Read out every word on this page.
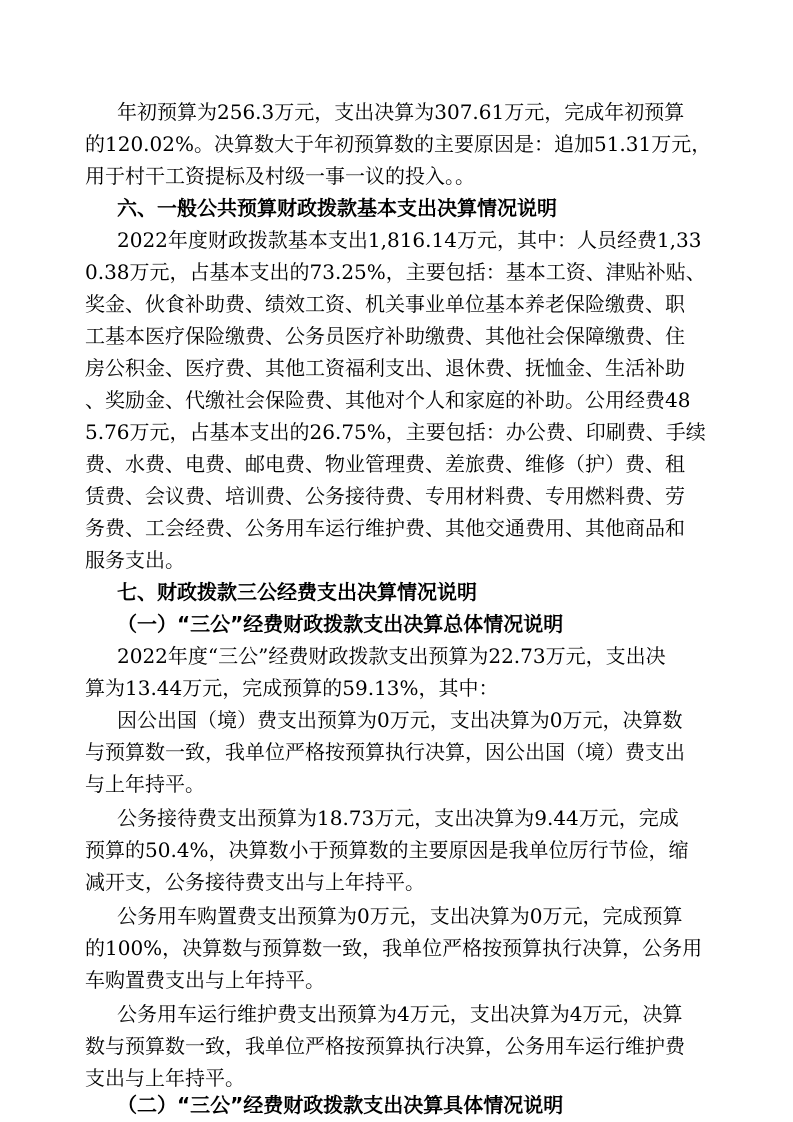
年初预算为256.3万元，支出决算为307.61万元，完成年初预算
的120.02%。决算数大于年初预算数的主要原因是：追加51.31万元，
用于村干工资提标及村级一事一议的投入。。
六、一般公共预算财政拨款基本支出决算情况说明
2022年度财政拨款基本支出1,816.14万元，其中：人员经费1,33
0.38万元，占基本支出的73.25%，主要包括：基本工资、津贴补贴、
奖金、伙食补助费、绩效工资、机关事业单位基本养老保险缴费、职
工基本医疗保险缴费、公务员医疗补助缴费、其他社会保障缴费、住
房公积金、医疗费、其他工资福利支出、退休费、抚恤金、生活补助
、奖励金、代缴社会保险费、其他对个人和家庭的补助。公用经费48
5.76万元，占基本支出的26.75%，主要包括：办公费、印刷费、手续
费、水费、电费、邮电费、物业管理费、差旅费、维修（护）费、租
赁费、会议费、培训费、公务接待费、专用材料费、专用燃料费、劳
务费、工会经费、公务用车运行维护费、其他交通费用、其他商品和
服务支出。
七、财政拨款三公经费支出决算情况说明
（一）“三公”经费财政拨款支出决算总体情况说明
2022年度“三公”经费财政拨款支出预算为22.73万元，支出决
算为13.44万元，完成预算的59.13%，其中：
因公出国（境）费支出预算为0万元，支出决算为0万元，决算数
与预算数一致，我单位严格按预算执行决算，因公出国（境）费支出
与上年持平。
公务接待费支出预算为18.73万元，支出决算为9.44万元，完成
预算的50.4%，决算数小于预算数的主要原因是我单位厉行节俭，缩
减开支，公务接待费支出与上年持平。
公务用车购置费支出预算为0万元，支出决算为0万元，完成预算
的100%，决算数与预算数一致，我单位严格按预算执行决算，公务用
车购置费支出与上年持平。
公务用车运行维护费支出预算为4万元，支出决算为4万元，决算
数与预算数一致，我单位严格按预算执行决算，公务用车运行维护费
支出与上年持平。
（二）“三公”经费财政拨款支出决算具体情况说明
